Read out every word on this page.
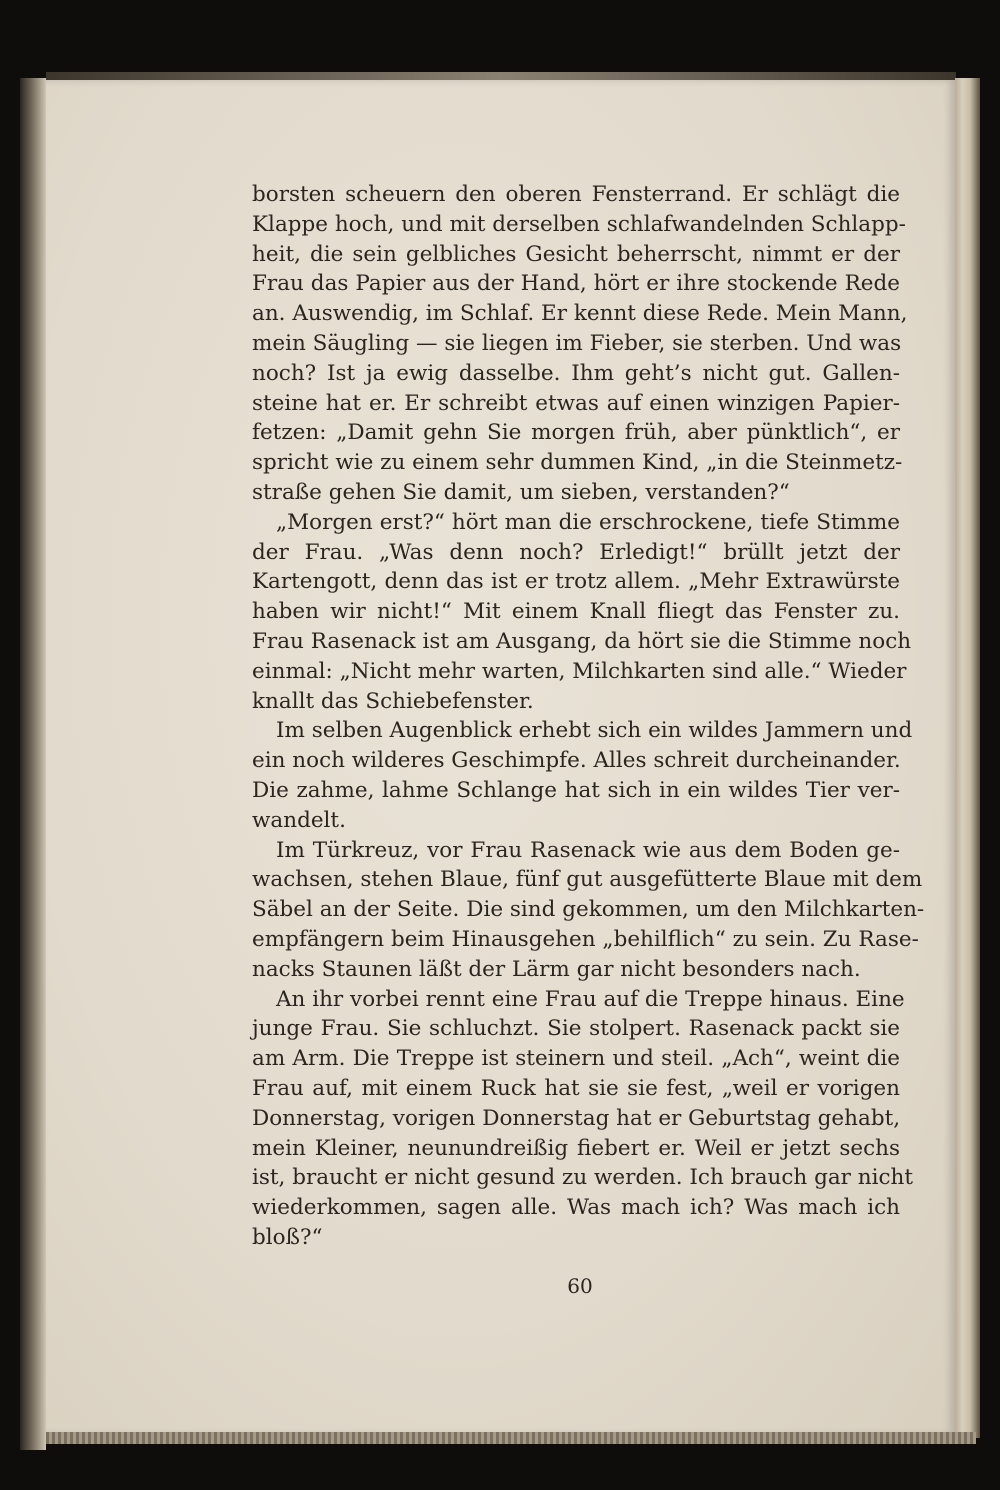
borsten scheuern den oberen Fensterrand. Er schlägt die
Klappe hoch, und mit derselben schlafwandelnden Schlapp-
heit, die sein gelbliches Gesicht beherrscht, nimmt er der
Frau das Papier aus der Hand, hört er ihre stockende Rede
an. Auswendig, im Schlaf. Er kennt diese Rede. Mein Mann,
mein Säugling — sie liegen im Fieber, sie sterben. Und was
noch? Ist ja ewig dasselbe. Ihm geht’s nicht gut. Gallen-
steine hat er. Er schreibt etwas auf einen winzigen Papier-
fetzen: „Damit gehn Sie morgen früh, aber pünktlich“, er
spricht wie zu einem sehr dummen Kind, „in die Steinmetz-
straße gehen Sie damit, um sieben, verstanden?“
„Morgen erst?“ hört man die erschrockene, tiefe Stimme
der Frau. „Was denn noch? Erledigt!“ brüllt jetzt der
Kartengott, denn das ist er trotz allem. „Mehr Extrawürste
haben wir nicht!“ Mit einem Knall fliegt das Fenster zu.
Frau Rasenack ist am Ausgang, da hört sie die Stimme noch
einmal: „Nicht mehr warten, Milchkarten sind alle.“ Wieder
knallt das Schiebefenster.
Im selben Augenblick erhebt sich ein wildes Jammern und
ein noch wilderes Geschimpfe. Alles schreit durcheinander.
Die zahme, lahme Schlange hat sich in ein wildes Tier ver-
wandelt.
Im Türkreuz, vor Frau Rasenack wie aus dem Boden ge-
wachsen, stehen Blaue, fünf gut ausgefütterte Blaue mit dem
Säbel an der Seite. Die sind gekommen, um den Milchkarten-
empfängern beim Hinausgehen „behilflich“ zu sein. Zu Rase-
nacks Staunen läßt der Lärm gar nicht besonders nach.
An ihr vorbei rennt eine Frau auf die Treppe hinaus. Eine
junge Frau. Sie schluchzt. Sie stolpert. Rasenack packt sie
am Arm. Die Treppe ist steinern und steil. „Ach“, weint die
Frau auf, mit einem Ruck hat sie sie fest, „weil er vorigen
Donnerstag, vorigen Donnerstag hat er Geburtstag gehabt,
mein Kleiner, neunundreißig fiebert er. Weil er jetzt sechs
ist, braucht er nicht gesund zu werden. Ich brauch gar nicht
wiederkommen, sagen alle. Was mach ich? Was mach ich
bloß?“
60
